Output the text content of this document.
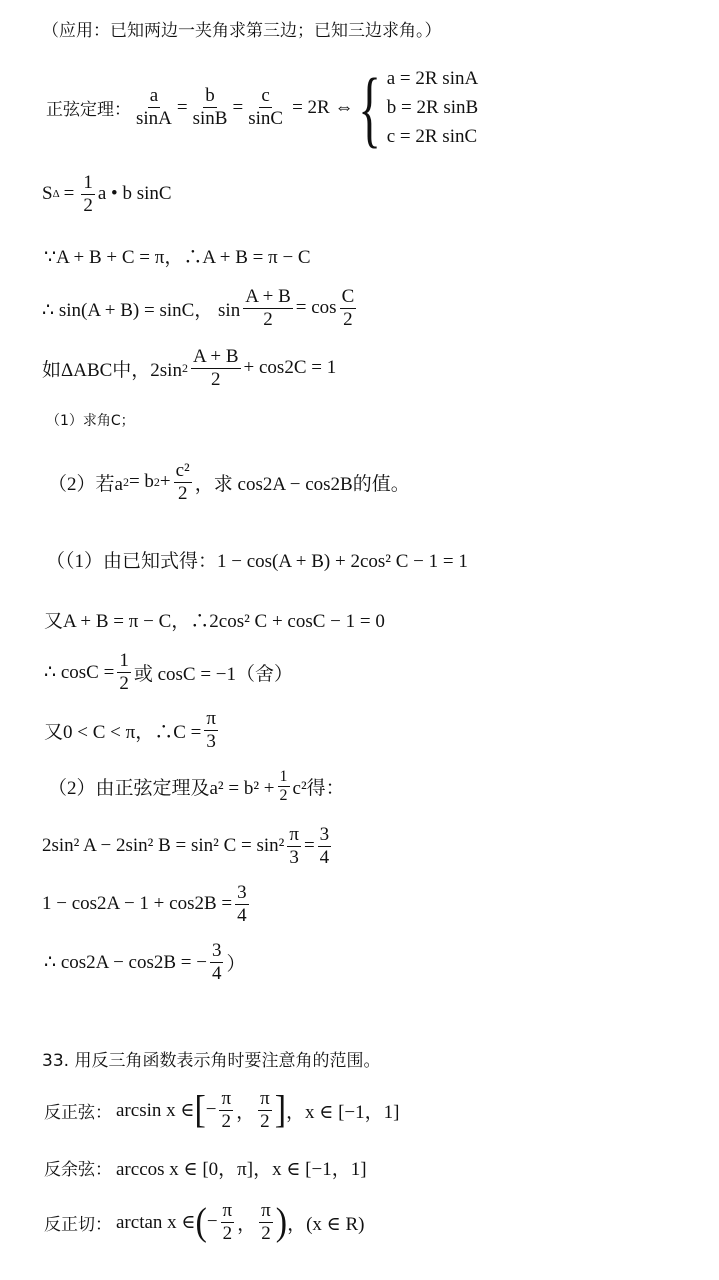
（应用：已知两边一夹角求第三边；已知三边求角。）
正弦定理： $\frac{a}{\sin A} = \frac{b}{\sin B} = \frac{c}{\sin C} = 2R$ ⇔ { a = 2R sinA
b = 2R sinB
c = 2R sinC
S $\Delta = \frac{1}{2}$ a • b sinC
∵A + B + C = π，∴A + B = π − C
∴ sin(A + B) = sinC， $\sin \frac{A + B}{2} = \cos \frac{C}{2}$
如ΔABC中，2sin $2 \frac{A + B}{2} + \cos 2C = 1$
（1）求角C；
（2）若a 2 = b $2 + \frac{\text{c²}}{2}$ ，求 cos2A − cos2B的值。
（（1）由已知式得：1 − cos(A + B) + 2cos² C − 1 = 1
又A + B = π − C，∴2cos² C + cosC − 1 = 0
∴ $\cos C = \frac{1}{2}$ 或 cosC = −1（舍）
又0 < C < π，∴C = $\frac{\pi}{3}$
（2）由正弦定理及$a^2 = b^2 + \frac{1}{2} c^2$得：
2sin² A − 2sin² B = sin² $C = \sin^2 \frac{\pi}{3} = \frac{3}{4}$
$1 - \cos 2A - 1 + \cos 2B = \frac{3}{4}$
∴ cos2A − cos2B = − $\frac{3}{4}$ ）
33. 用反三角函数表示角时要注意角的范围。
反正弦： arcsin x ∈ [ − $\frac{\pi}{2}$ ， $\frac{\pi}{2}$ ] ，x ∈ [−1，1]
反余弦： arccos x ∈ [0，π]，x ∈ [−1，1]
反正切： arctan x ∈ ( − $\frac{\pi}{2}$ ， $\frac{\pi}{2}$ ) ，(x ∈ R)
